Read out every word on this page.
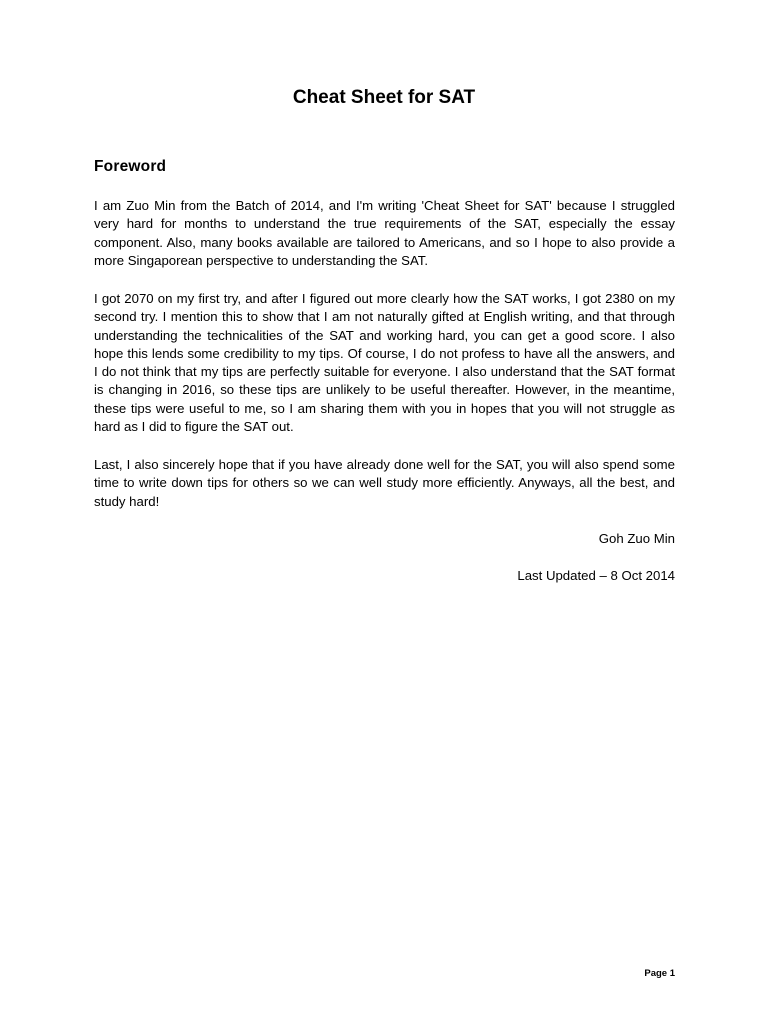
Cheat Sheet for SAT
Foreword

I am Zuo Min from the Batch of 2014, and I'm writing 'Cheat Sheet for SAT' because I struggled very hard for months to understand the true requirements of the SAT, especially the essay component. Also, many books available are tailored to Americans, and so I hope to also provide a more Singaporean perspective to understanding the SAT.

I got 2070 on my first try, and after I figured out more clearly how the SAT works, I got 2380 on my second try. I mention this to show that I am not naturally gifted at English writing, and that through understanding the technicalities of the SAT and working hard, you can get a good score. I also hope this lends some credibility to my tips. Of course, I do not profess to have all the answers, and I do not think that my tips are perfectly suitable for everyone. I also understand that the SAT format is changing in 2016, so these tips are unlikely to be useful thereafter. However, in the meantime, these tips were useful to me, so I am sharing them with you in hopes that you will not struggle as hard as I did to figure the SAT out.

Last, I also sincerely hope that if you have already done well for the SAT, you will also spend some time to write down tips for others so we can well study more efficiently. Anyways, all the best, and study hard!

Goh Zuo Min
Last Updated – 8 Oct 2014
Page 1
